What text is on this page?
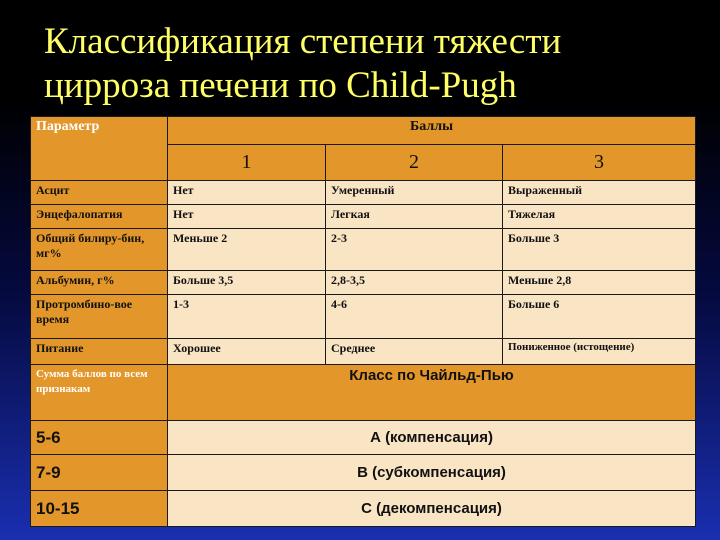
Классификация степени тяжести цирроза печени по Child-Pugh
Параметр	Баллы		
	1	2	3
Асцит	Нет	Умеренный	Выраженный
Энцефалопатия	Нет	Легкая	Тяжелая
Общий билиру-бин, мг%	Меньше 2	2-3	Больше 3
Альбумин, г%	Больше 3,5	2,8-3,5	Меньше 2,8
Протромбино-вое время	1-3	4-6	Больше 6
Питание	Хорошее	Среднее	Пониженное (истощение)
Сумма баллов по всем признакам	Класс по Чайльд-Пью		
5-6	А (компенсация)		
7-9	В (субкомпенсация)		
10-15	С (декомпенсация)		
